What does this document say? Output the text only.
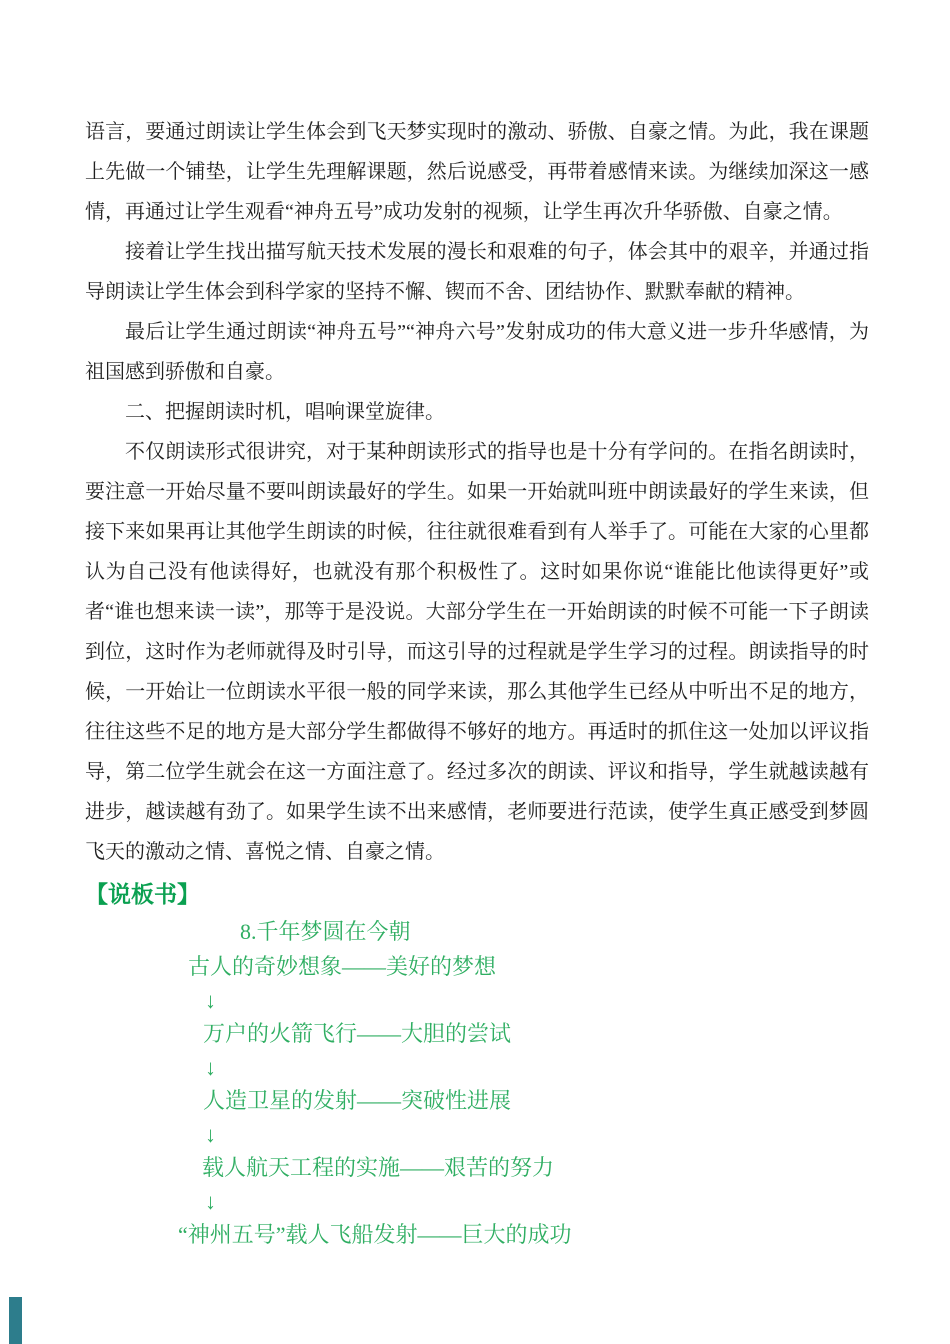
语言，要通过朗读让学生体会到飞天梦实现时的激动、骄傲、自豪之情。为此，我在课题上先做一个铺垫，让学生先理解课题，然后说感受，再带着感情来读。为继续加深这一感情，再通过让学生观看“神舟五号”成功发射的视频，让学生再次升华骄傲、自豪之情。

接着让学生找出描写航天技术发展的漫长和艰难的句子，体会其中的艰辛，并通过指导朗读让学生体会到科学家的坚持不懈、锲而不舍、团结协作、默默奉献的精神。

最后让学生通过朗读“神舟五号”“神舟六号”发射成功的伟大意义进一步升华感情，为祖国感到骄傲和自豪。

二、把握朗读时机，唱响课堂旋律。

不仅朗读形式很讲究，对于某种朗读形式的指导也是十分有学问的。在指名朗读时，要注意一开始尽量不要叫朗读最好的学生。如果一开始就叫班中朗读最好的学生来读，但接下来如果再让其他学生朗读的时候，往往就很难看到有人举手了。可能在大家的心里都认为自己没有他读得好，也就没有那个积极性了。这时如果你说“谁能比他读得更好”或者“谁也想来读一读”，那等于是没说。大部分学生在一开始朗读的时候不可能一下子朗读到位，这时作为老师就得及时引导，而这引导的过程就是学生学习的过程。朗读指导的时候，一开始让一位朗读水平很一般的同学来读，那么其他学生已经从中听出不足的地方，往往这些不足的地方是大部分学生都做得不够好的地方。再适时的抓住这一处加以评议指导，第二位学生就会在这一方面注意了。经过多次的朗读、评议和指导，学生就越读越有进步，越读越有劲了。如果学生读不出来感情，老师要进行范读，使学生真正感受到梦圆飞天的激动之情、喜悦之情、自豪之情。

【说板书】
8.千年梦圆在今朝
古人的奇妙想象——美好的梦想
↓
万户的火箭飞行——大胆的尝试
↓
人造卫星的发射——突破性进展
↓
载人航天工程的实施——艰苦的努力
↓
“神州五号”载人飞船发射——巨大的成功
